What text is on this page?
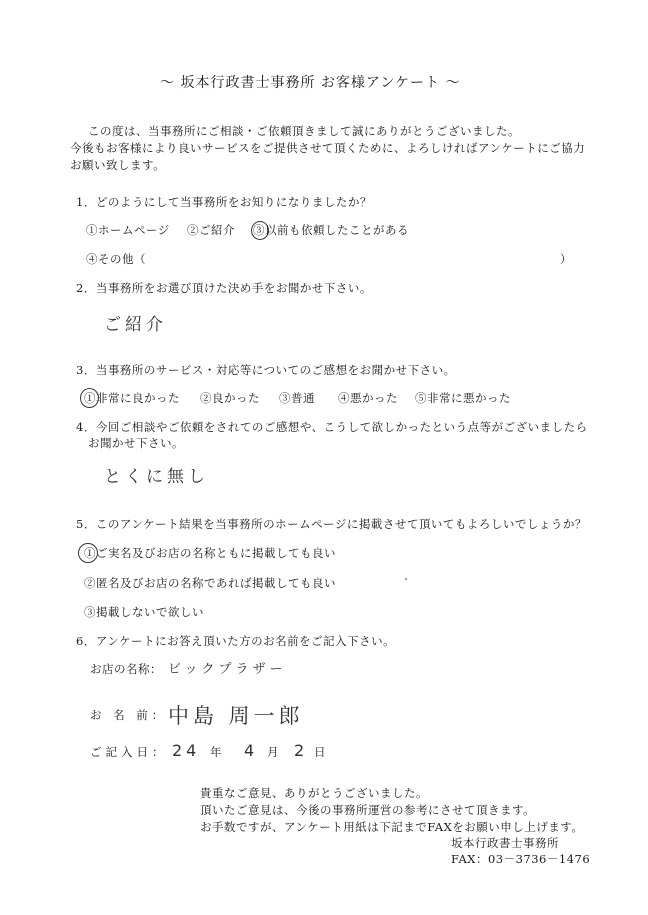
～ 坂本行政書士事務所 お客様アンケート ～
この度は、当事務所にご相談・ご依頼頂きまして誠にありがとうございました。
今後もお客様により良いサービスをご提供させて頂くために、よろしければアンケートにご協力
お願い致します。
1．どのようにして当事務所をお知りになりましたか？
①ホームページ ②ご紹介 ③以前も依頼したことがある
④その他（	）
2．当事務所をお選び頂けた決め手をお聞かせ下さい。
ご紹介
3．当事務所のサービス・対応等についてのご感想をお聞かせ下さい。
①非常に良かった ②良かった ③普通 ④悪かった ⑤非常に悪かった
4．今回ご相談やご依頼をされてのご感想や、こうして欲しかったという点等がございましたら
お聞かせ下さい。
とくに無し
5．このアンケート結果を当事務所のホームページに掲載させて頂いてもよろしいでしょうか？
①ご実名及びお店の名称ともに掲載しても良い
②匿名及びお店の名称であれば掲載しても良い
③掲載しないで欲しい
6．アンケートにお答え頂いた方のお名前をご記入下さい。
お店の名称： ビックプラザー
お 名 前： 中島 周一郎
ご記入日： 24 年 4 月 2 日
貴重なご意見、ありがとうございました。
頂いたご意見は、今後の事務所運営の参考にさせて頂きます。
お手数ですが、アンケート用紙は下記までFAXをお願い申し上げます。
坂本行政書士事務所
FAX：03－3736－1476
